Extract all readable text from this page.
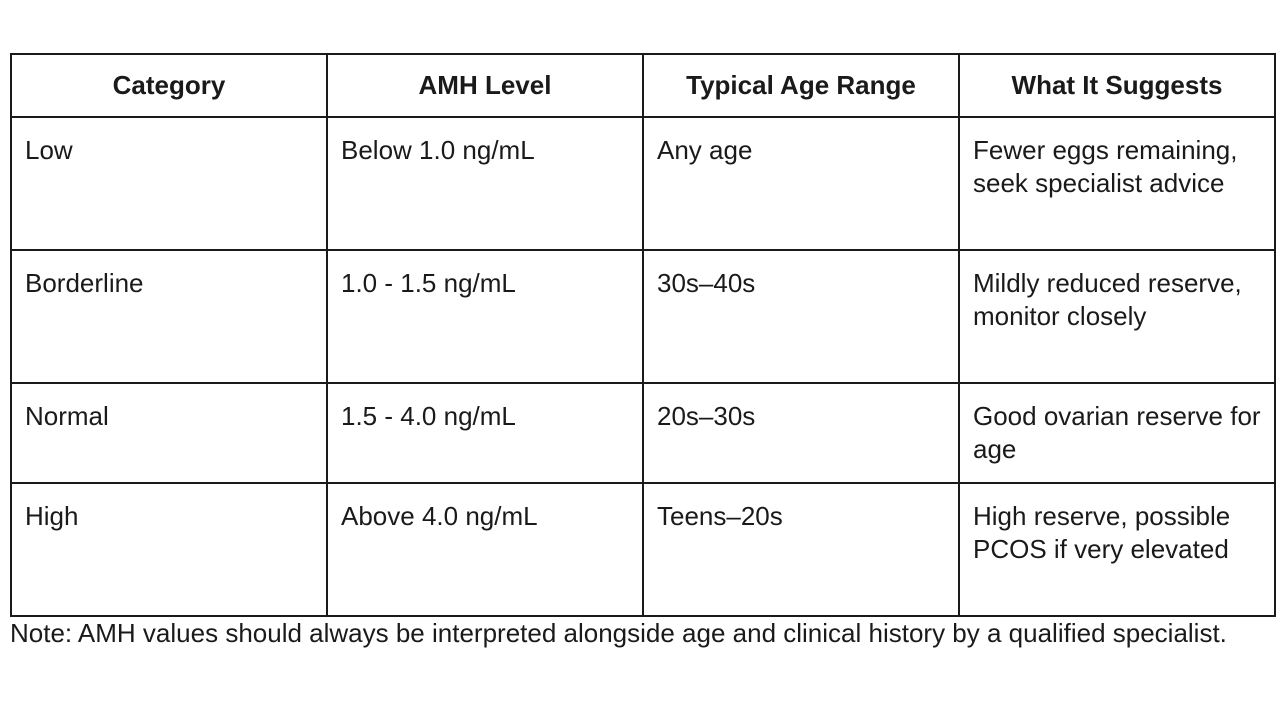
Category	AMH Level	Typical Age Range	What It Suggests
Low	Below 1.0 ng/mL	Any age	Fewer eggs remaining, seek specialist advice
Borderline	1.0 - 1.5 ng/mL	30s–40s	Mildly reduced reserve, monitor closely
Normal	1.5 - 4.0 ng/mL	20s–30s	Good ovarian reserve for age
High	Above 4.0 ng/mL	Teens–20s	High reserve, possible PCOS if very elevated

Note: AMH values should always be interpreted alongside age and clinical history by a qualified specialist.
